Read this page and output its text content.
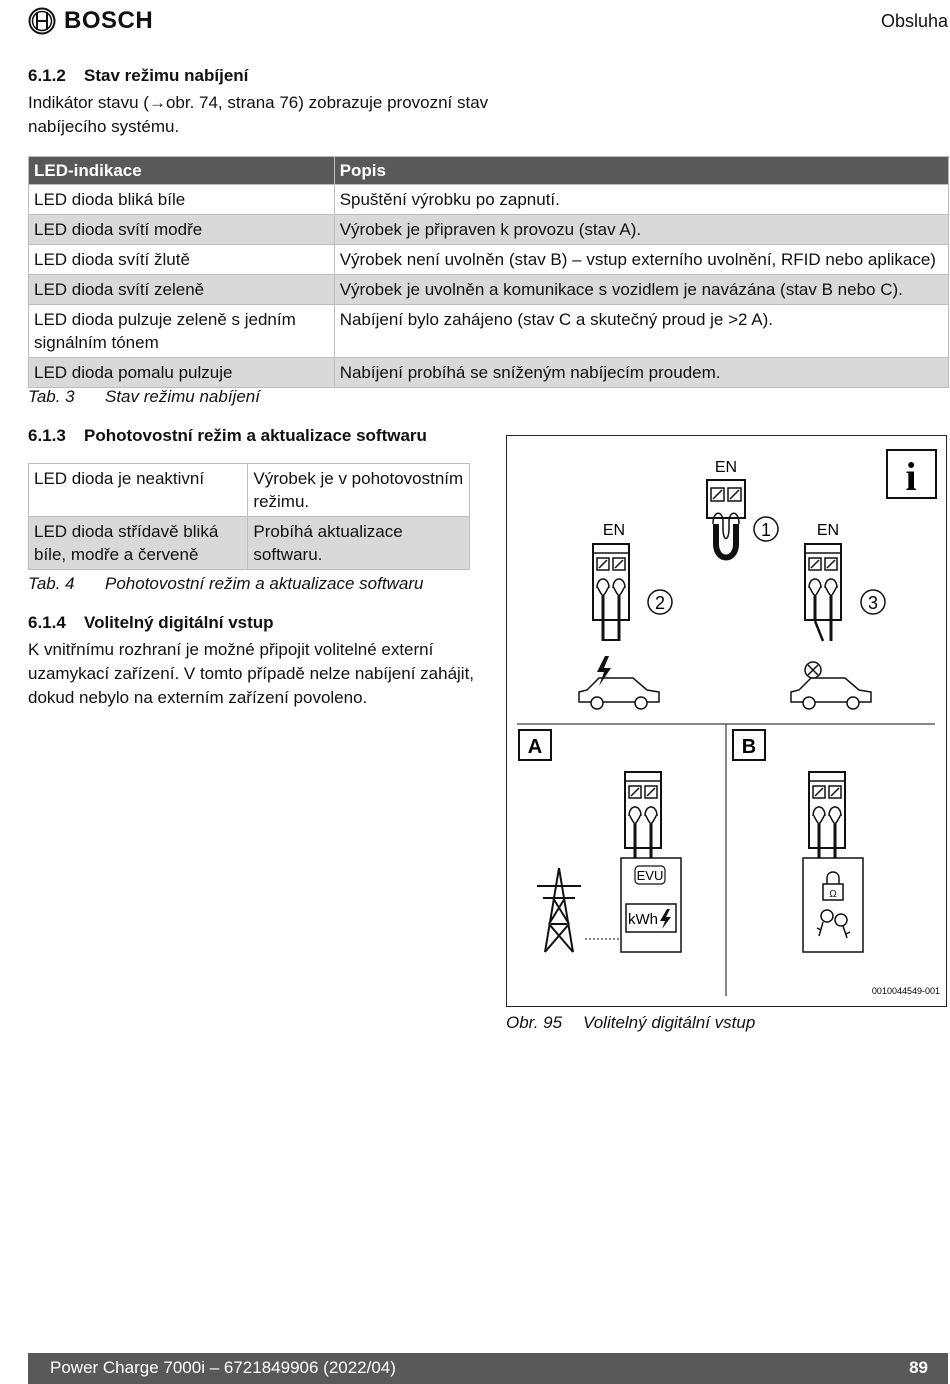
BOSCH	Obsluha
6.1.2 Stav režimu nabíjení

Indikátor stavu (→obr. 74, strana 76) zobrazuje provozní stav
nabíjecího systému.

LED-indikace	Popis
LED dioda bliká bíle	Spuštění výrobku po zapnutí.
LED dioda svítí modře	Výrobek je připraven k provozu (stav A).
LED dioda svítí žlutě	Výrobek není uvolněn (stav B) – vstup externího uvolnění, RFID nebo aplikace)
LED dioda svítí zeleně	Výrobek je uvolněn a komunikace s vozidlem je navázána (stav B nebo C).
LED dioda pulzuje zeleně s jedním signálním tónem	Nabíjení bylo zahájeno (stav C a skutečný proud je >2 A).
LED dioda pomalu pulzuje	Nabíjení probíhá se sníženým nabíjecím proudem.
Tab. 3 Stav režimu nabíjení
6.1.3 Pohotovostní režim a aktualizace softwaru
LED dioda je neaktivní	Výrobek je v pohotovostním režimu.
LED dioda střídavě bliká bíle, modře a červeně	Probíhá aktualizace softwaru.
Tab. 4 Pohotovostní režim a aktualizace softwaru
6.1.4 Volitelný digitální vstup

K vnitřnímu rozhraní je možné připojit volitelné externí
uzamykací zařízení. V tomto případě nelze nabíjení zahájit,
dokud nebylo na externím zařízení povoleno.

i
EN
1
EN
2
EN
3
A
EVU
kWh
B
Ω
0010044549-001
Obr. 95 Volitelný digitální vstup
Power Charge 7000i – 6721849906 (2022/04)	89
